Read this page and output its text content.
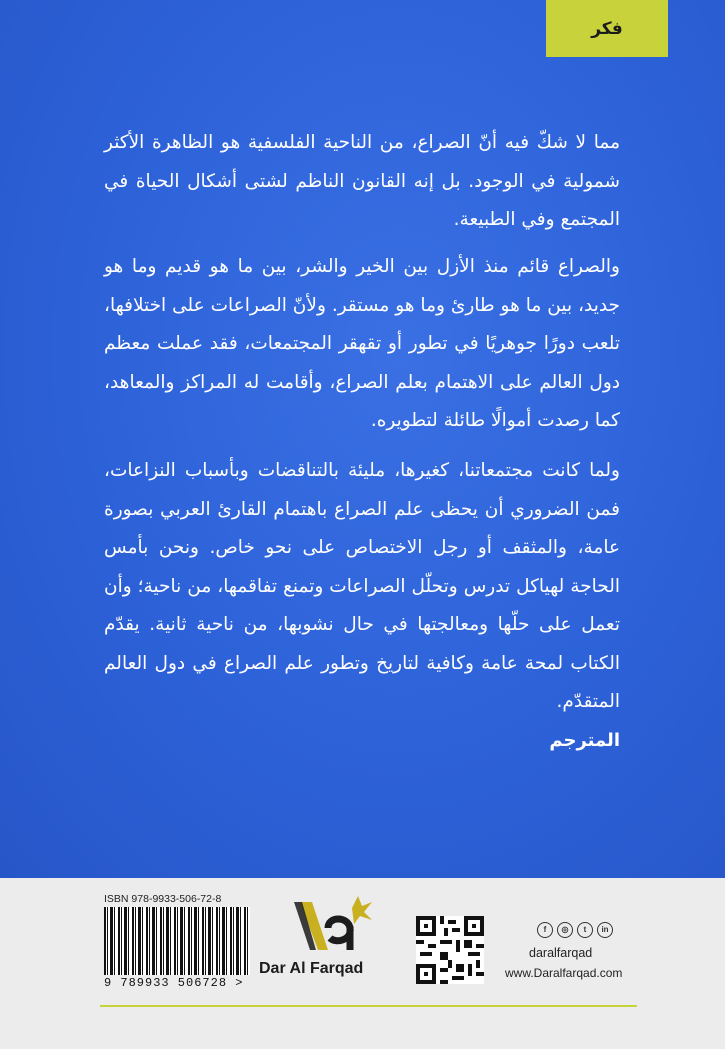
فكر

مما لا شكّ فيه أنّ الصراع، من الناحية الفلسفية هو الظاهرة الأكثر شمولية في الوجود. بل إنه القانون الناظم لشتى أشكال الحياة في المجتمع وفي الطبيعة.

والصراع قائم منذ الأزل بين الخير والشر، بين ما هو قديم وما هو جديد، بين ما هو طارئ وما هو مستقر. ولأنّ الصراعات على اختلافها، تلعب دورًا جوهريًا في تطور أو تقهقر المجتمعات، فقد عملت معظم دول العالم على الاهتمام بعلم الصراع، وأقامت له المراكز والمعاهد، كما رصدت أموالًا طائلة لتطويره.

ولما كانت مجتمعاتنا، كغيرها، مليئة بالتناقضات وبأسباب النزاعات، فمن الضروري أن يحظى علم الصراع باهتمام القارئ العربي بصورة عامة، والمثقف أو رجل الاختصاص على نحو خاص. ونحن بأمس الحاجة لهياكل تدرس وتحلّل الصراعات وتمنع تفاقمها، من ناحية؛ وأن تعمل على حلّها ومعالجتها في حال نشوبها، من ناحية ثانية. يقدّم الكتاب لمحة عامة وكافية لتاريخ وتطور علم الصراع في دول العالم المتقدّم.

المترجم
ISBN 978-9933-506-72-8
9 789933 506728 >
Dar Al Farqad
f	◎	t	in
daralfarqad
www.Daralfarqad.com
